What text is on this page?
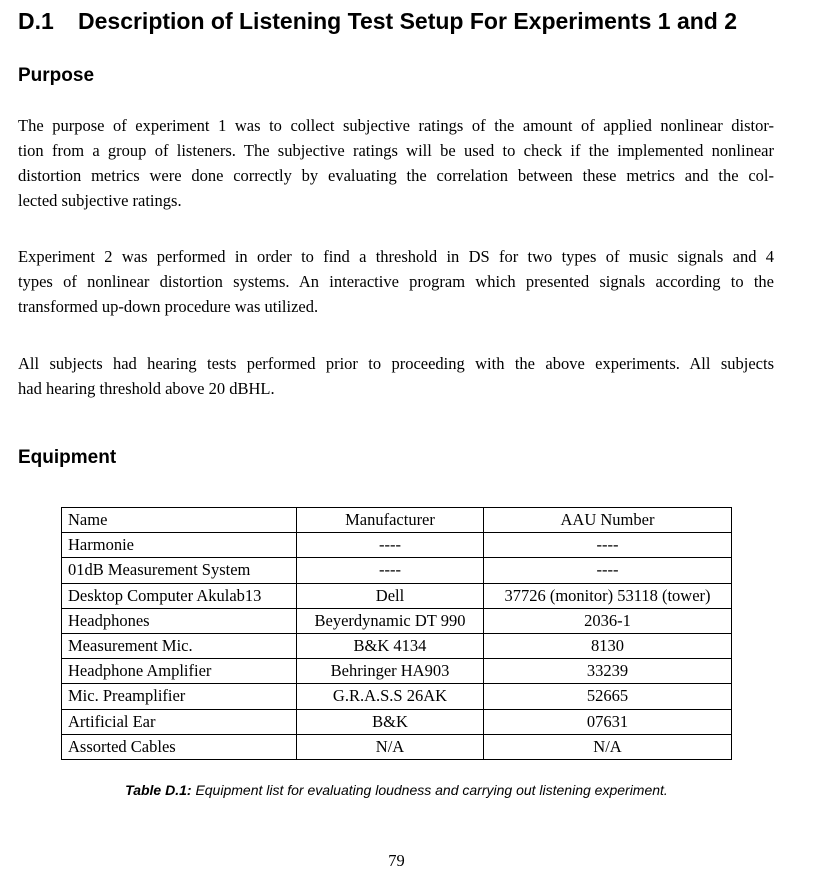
D.1 Description of Listening Test Setup For Experiments 1 and 2
Purpose
The purpose of experiment 1 was to collect subjective ratings of the amount of applied nonlinear distor-
tion from a group of listeners. The subjective ratings will be used to check if the implemented nonlinear
distortion metrics were done correctly by evaluating the correlation between these metrics and the col-
lected subjective ratings.
Experiment 2 was performed in order to find a threshold in DS for two types of music signals and 4
types of nonlinear distortion systems. An interactive program which presented signals according to the
transformed up-down procedure was utilized.
All subjects had hearing tests performed prior to proceeding with the above experiments. All subjects
had hearing threshold above 20 dBHL.
Equipment
Name	Manufacturer	AAU Number
Harmonie	----	----
01dB Measurement System	----	----
Desktop Computer Akulab13	Dell	37726 (monitor) 53118 (tower)
Headphones	Beyerdynamic DT 990	2036-1
Measurement Mic.	B&K 4134	8130
Headphone Amplifier	Behringer HA903	33239
Mic. Preamplifier	G.R.A.S.S 26AK	52665
Artificial Ear	B&K	07631
Assorted Cables	N/A	N/A
Table D.1: Equipment list for evaluating loudness and carrying out listening experiment.
79
